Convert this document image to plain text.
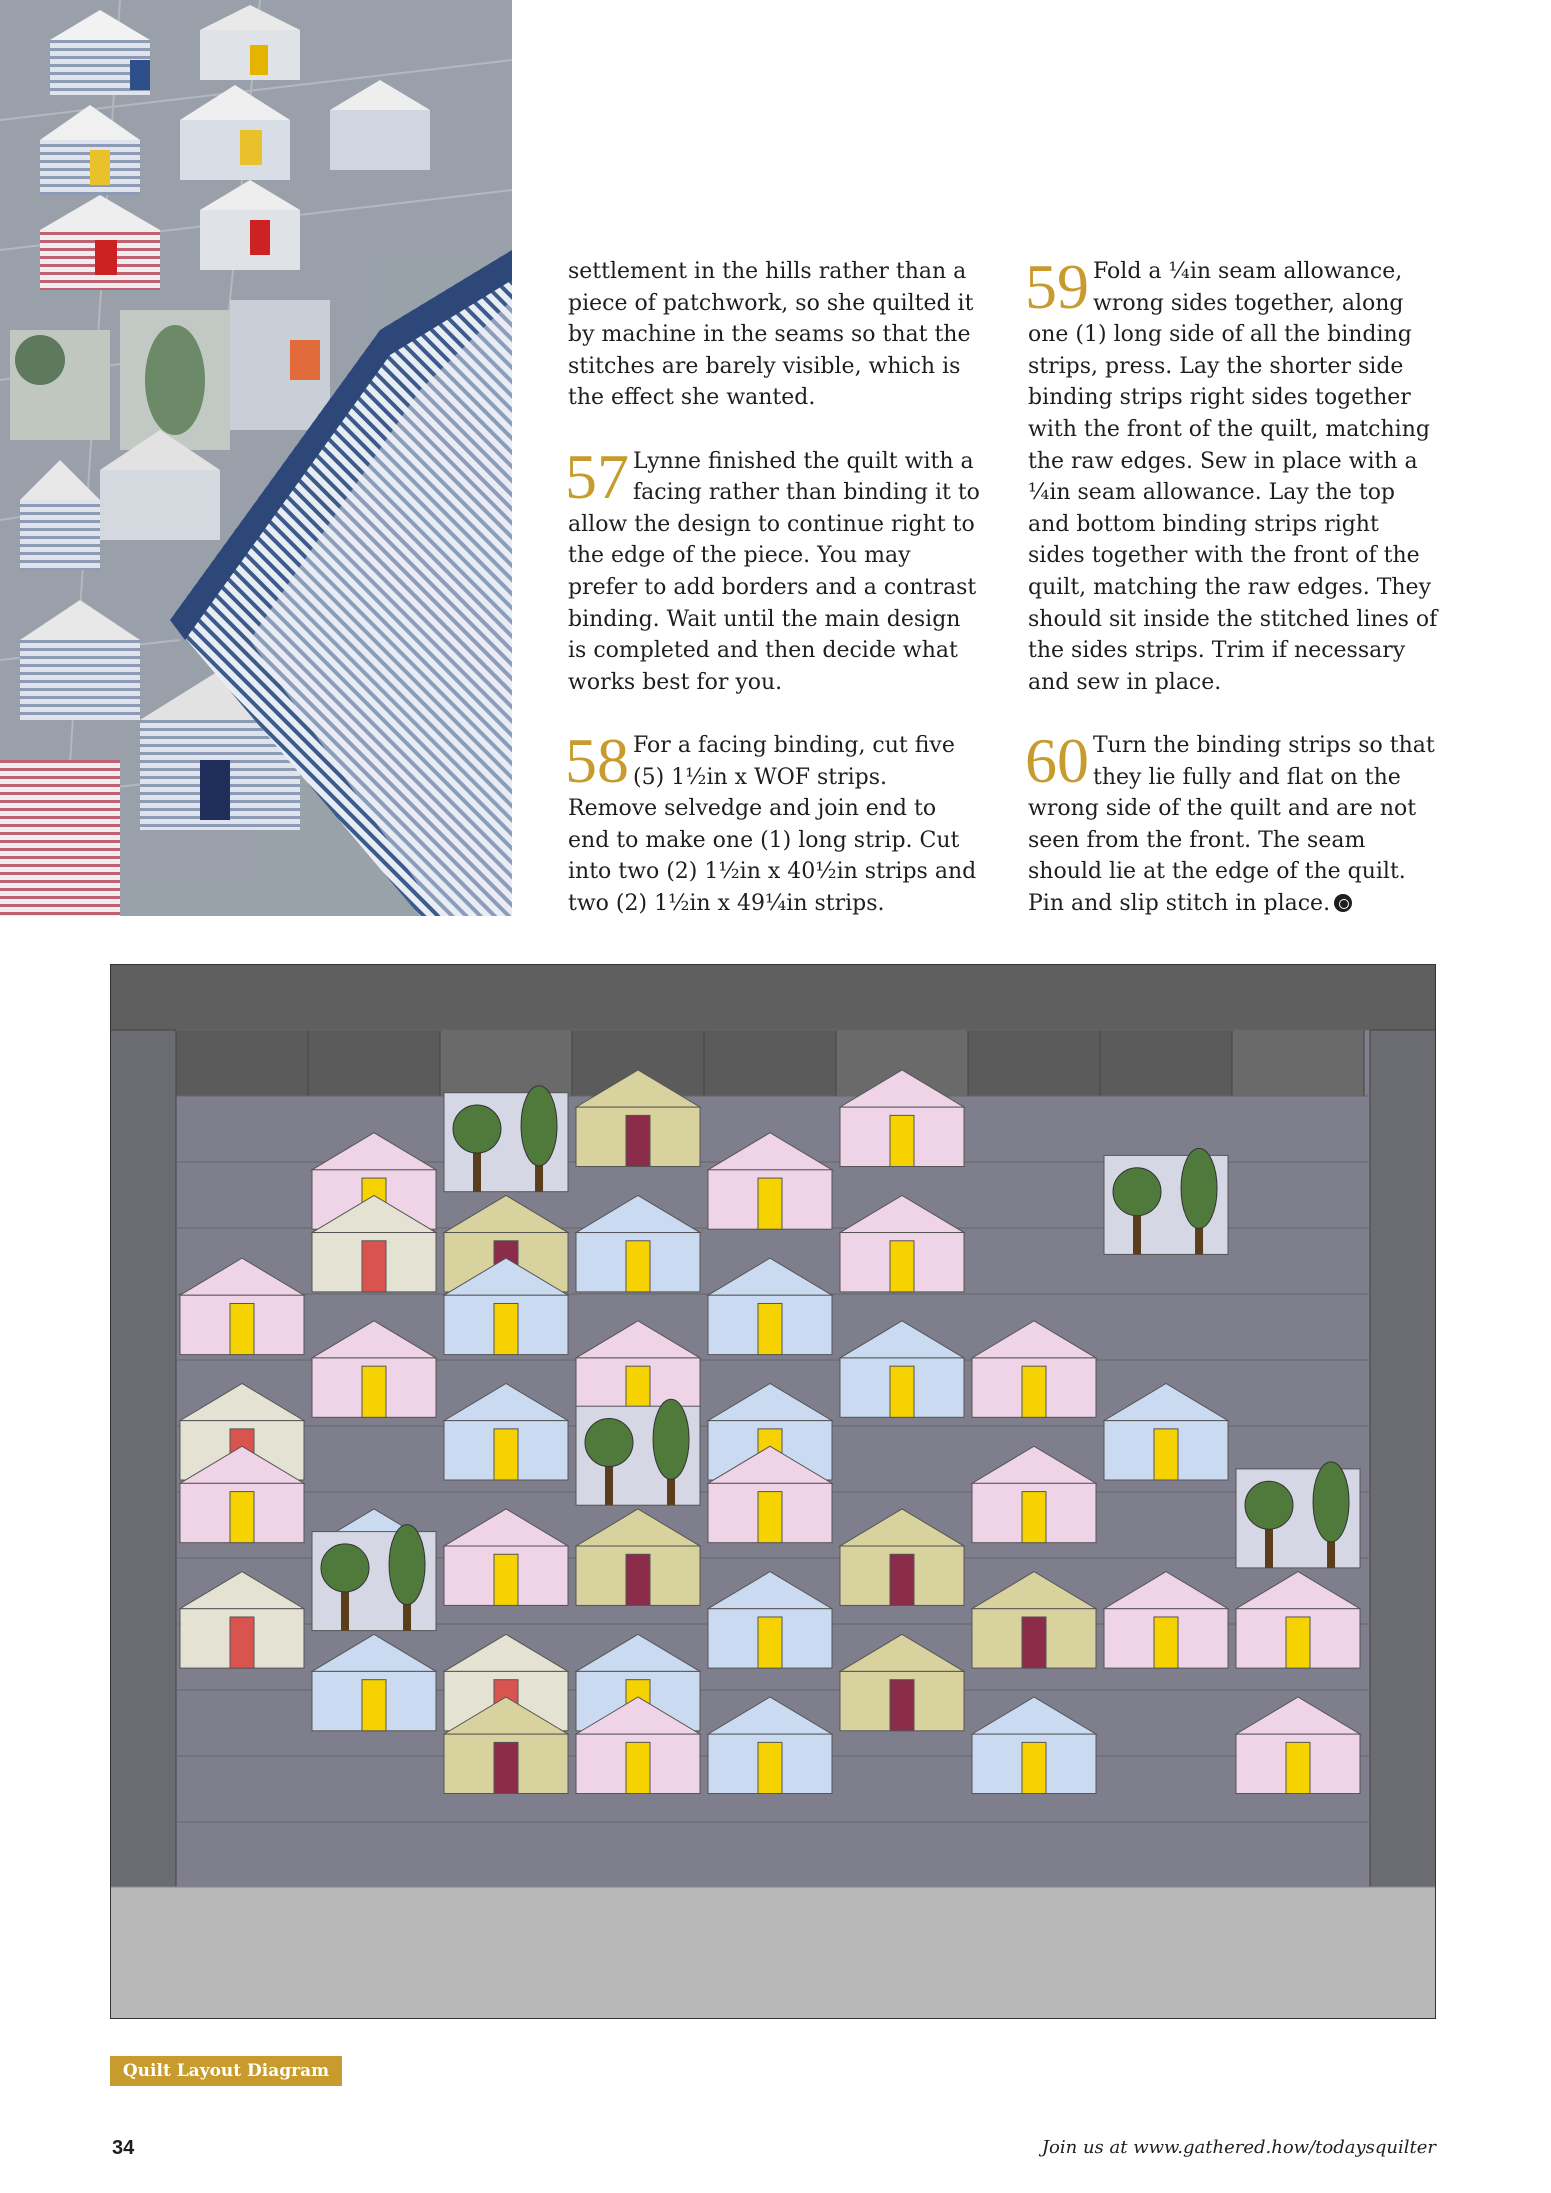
settlement in the hills rather than a piece of patchwork, so she quilted it by machine in the seams so that the stitches are barely visible, which is the effect she wanted.

57 Lynne finished the quilt with a facing rather than binding it to allow the design to continue right to the edge of the piece. You may prefer to add borders and a contrast binding. Wait until the main design is completed and then decide what works best for you.

58 For a facing binding, cut five (5) 1½in x WOF strips. Remove selvedge and join end to end to make one (1) long strip. Cut into two (2) 1½in x 40½in strips and two (2) 1½in x 49¼in strips.

59 Fold a ¼in seam allowance, wrong sides together, along one (1) long side of all the binding strips, press. Lay the shorter side binding strips right sides together with the front of the quilt, matching the raw edges. Sew in place with a ¼in seam allowance. Lay the top and bottom binding strips right sides together with the front of the quilt, matching the raw edges. They should sit inside the stitched lines of the sides strips. Trim if necessary and sew in place.

60 Turn the binding strips so that they lie fully and flat on the wrong side of the quilt and are not seen from the front. The seam should lie at the edge of the quilt. Pin and slip stitch in place.

Quilt Layout Diagram
34	Join us at www.gathered.how/todaysquilter
